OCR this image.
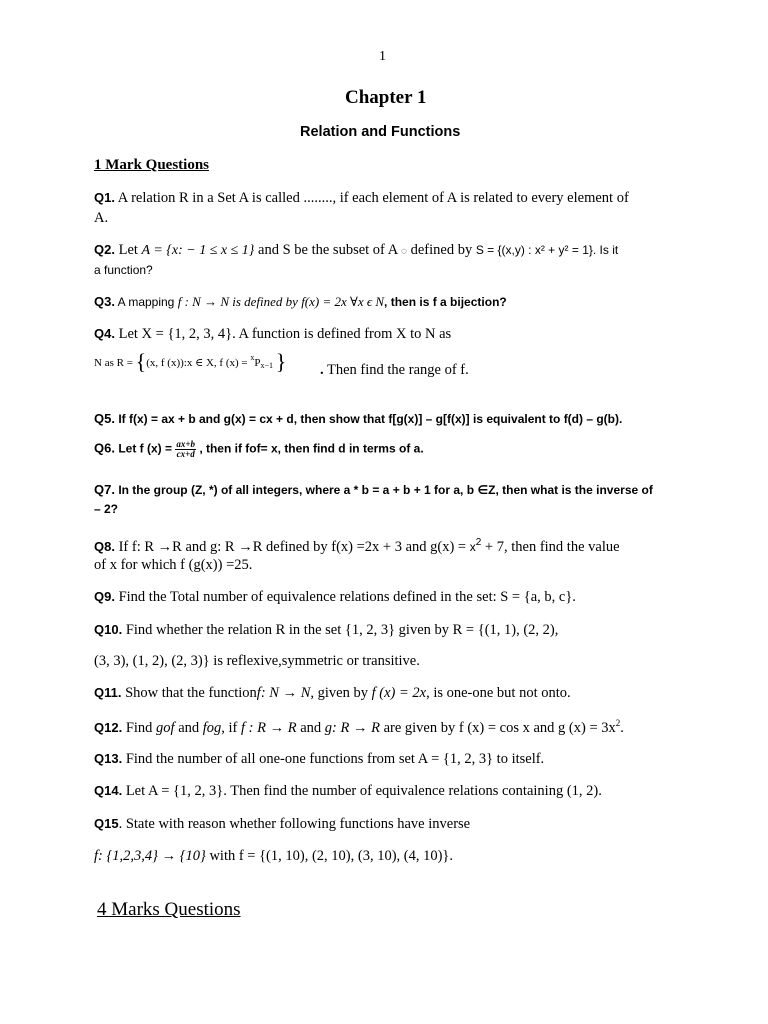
1
Chapter 1
Relation and Functions
1 Mark Questions
Q1. A relation R in a Set A is called ........, if each element of A is related to every element of
A.
Q2. Let A = {x: − 1 ≤ x ≤ 1} and S be the subset of A ◌ defined by S = {(x,y) : x² + y² = 1}. Is it
a function?
Q3. A mapping f : N → N is defined by f(x) = 2x ∀x ϵ N, then is f a bijection?
Q4. Let X = {1, 2, 3, 4}. A function is defined from X to N as
N as R = {(x, f (x)):x ∈ X, f $(x) = ^xP_{x-1}$ } . Then find the range of f.
Q5. If f(x) = ax + b and g(x) = cx + d, then show that f[g(x)] – g[f(x)] is equivalent to f(d) – g(b).
Q6. Let f $(x) = \frac{ax+b}{cx+d}$ , then if fof= x, then find d in terms of a.
Q7. In the group (Z, *) of all integers, where a * b = a + b + 1 for a, b ∈Z, then what is the inverse of
– 2?
Q8. If f: R →R and g: R →R defined by f(x) =2x + 3 and $g(x) = x^2 + 7$, then find the value
of x for which f (g(x)) =25.
Q9. Find the Total number of equivalence relations defined in the set: S = {a, b, c}.
Q10. Find whether the relation R in the set {1, 2, 3} given by R = {(1, 1), (2, 2),
(3, 3), (1, 2), (2, 3)} is reflexive,symmetric or transitive.
Q11. Show that the functionf: N → N, given by f (x) = 2x, is one-one but not onto.
Q12. Find gof and fog, if f : R → R and g: R → R are given by f (x) = cos x and g $(x) = 3x^2$.
Q13. Find the number of all one-one functions from set A = {1, 2, 3} to itself.
Q14. Let A = {1, 2, 3}. Then find the number of equivalence relations containing (1, 2).
Q15. State with reason whether following functions have inverse
f: {1,2,3,4} → {10} with f = {(1, 10), (2, 10), (3, 10), (4, 10)}.
4 Marks Questions
